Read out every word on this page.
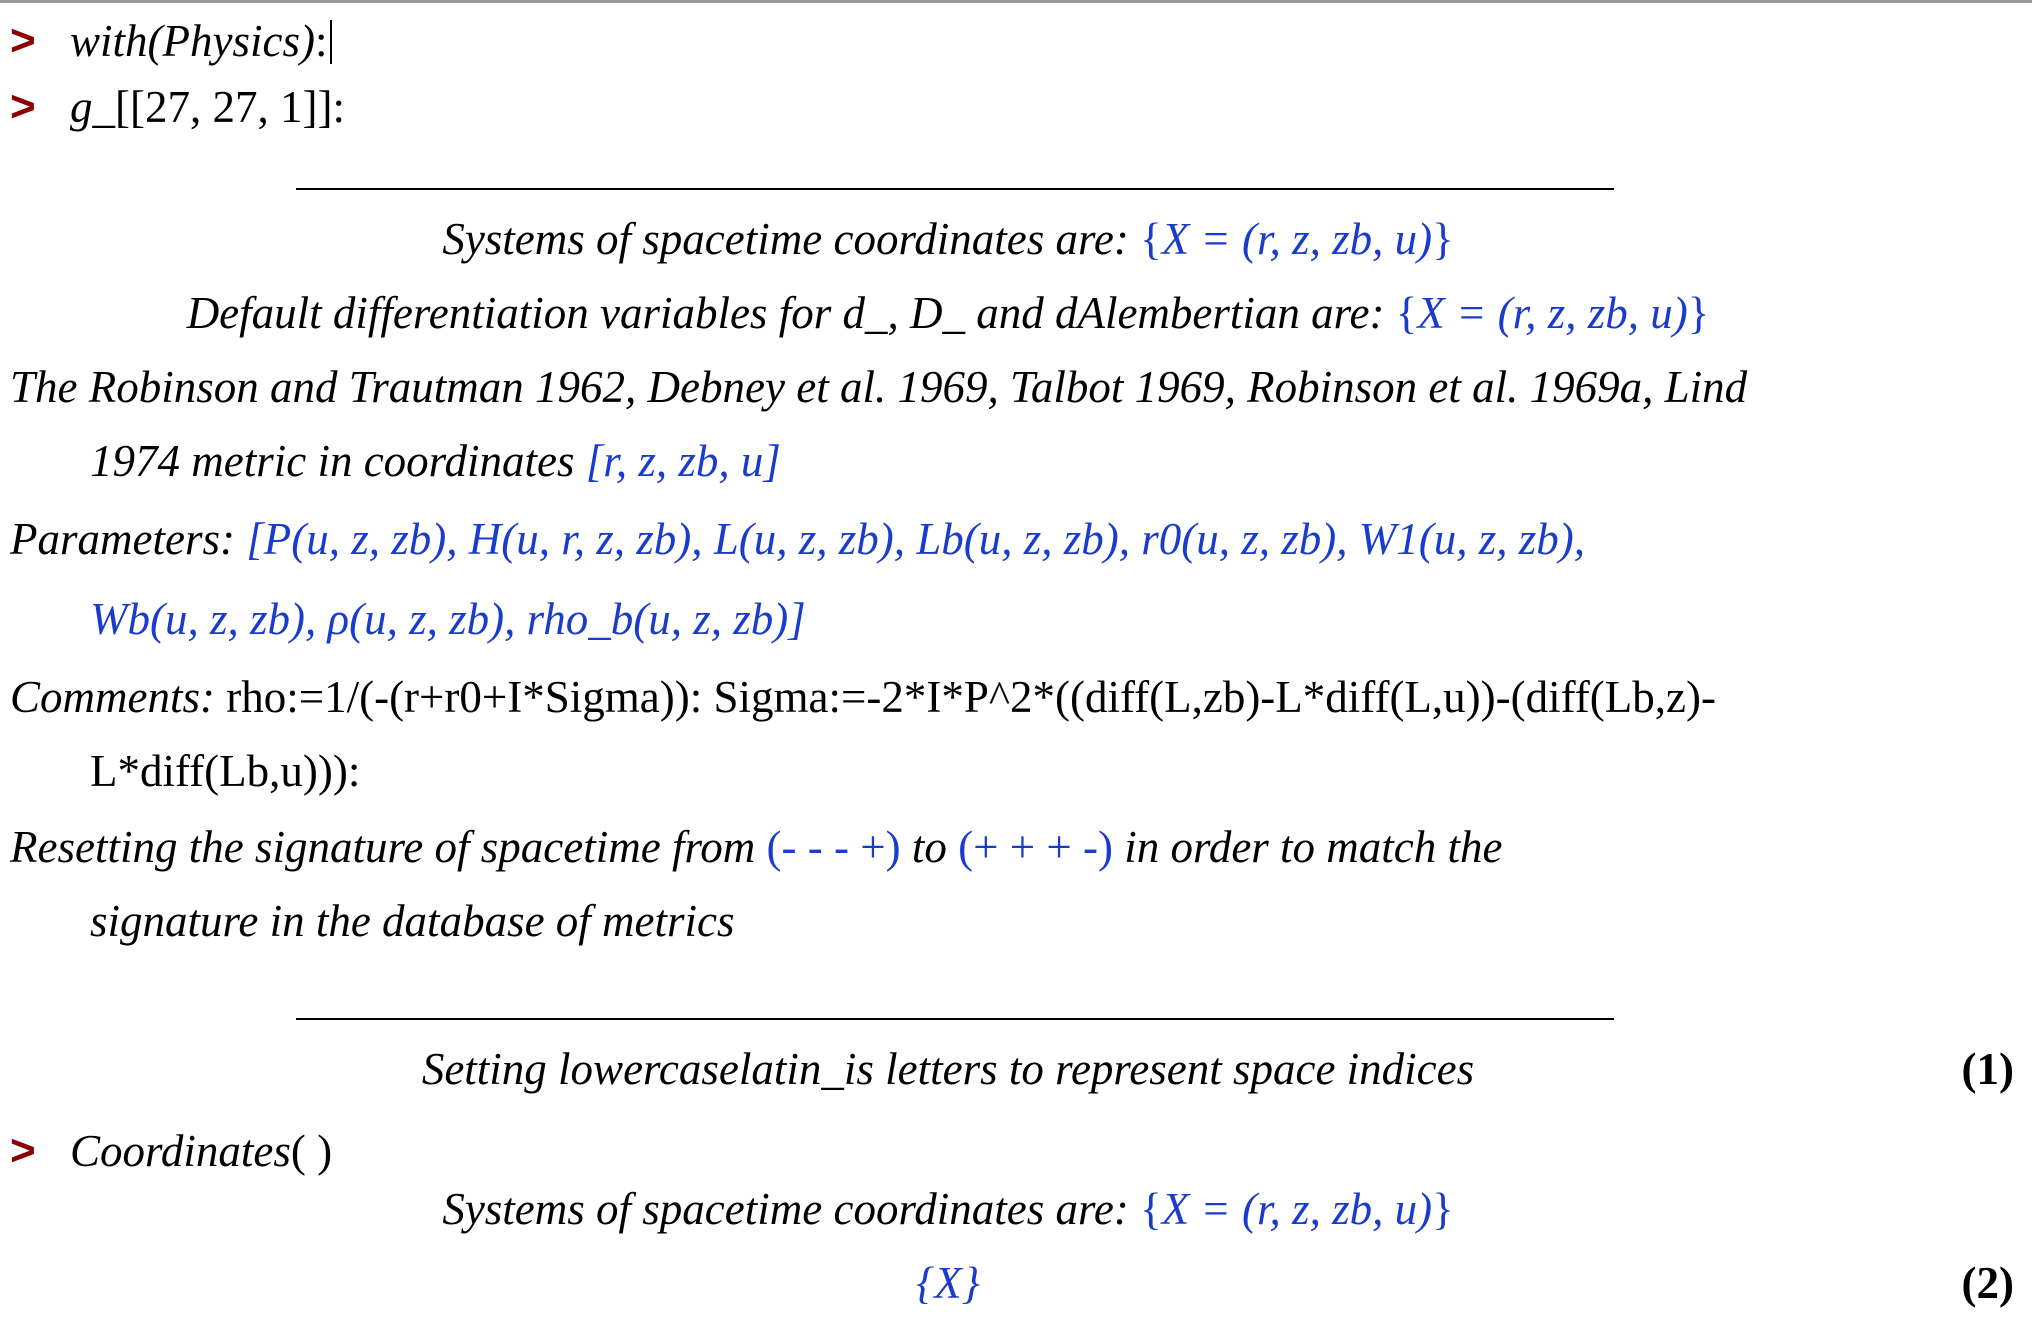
> with(Physics):
> g_[[27, 27, 1]]:
Systems of spacetime coordinates are: {X = (r, z, zb, u)}
Default differentiation variables for d_, D_ and dAlembertian are: {X = (r, z, zb, u)}
The Robinson and Trautman 1962, Debney et al. 1969, Talbot 1969, Robinson et al. 1969a, Lind
1974 metric in coordinates [r, z, zb, u]
Parameters: [P(u, z, zb), H(u, r, z, zb), L(u, z, zb), Lb(u, z, zb), r0(u, z, zb), W1(u, z, zb),
Wb(u, z, zb), ρ(u, z, zb), rho_b(u, z, zb)]
Comments: rho:=1/(-(r+r0+I*Sigma)): Sigma:=-2*I*P^2*((diff(L,zb)-L*diff(L,u))-(diff(Lb,z)-
L*diff(Lb,u))):
Resetting the signature of spacetime from (- - - +) to (+ + + -) in order to match the
signature in the database of metrics
Setting lowercaselatin_is letters to represent space indices	(1)
> Coordinates( )
Systems of spacetime coordinates are: {X = (r, z, zb, u)}
{X}	(2)
